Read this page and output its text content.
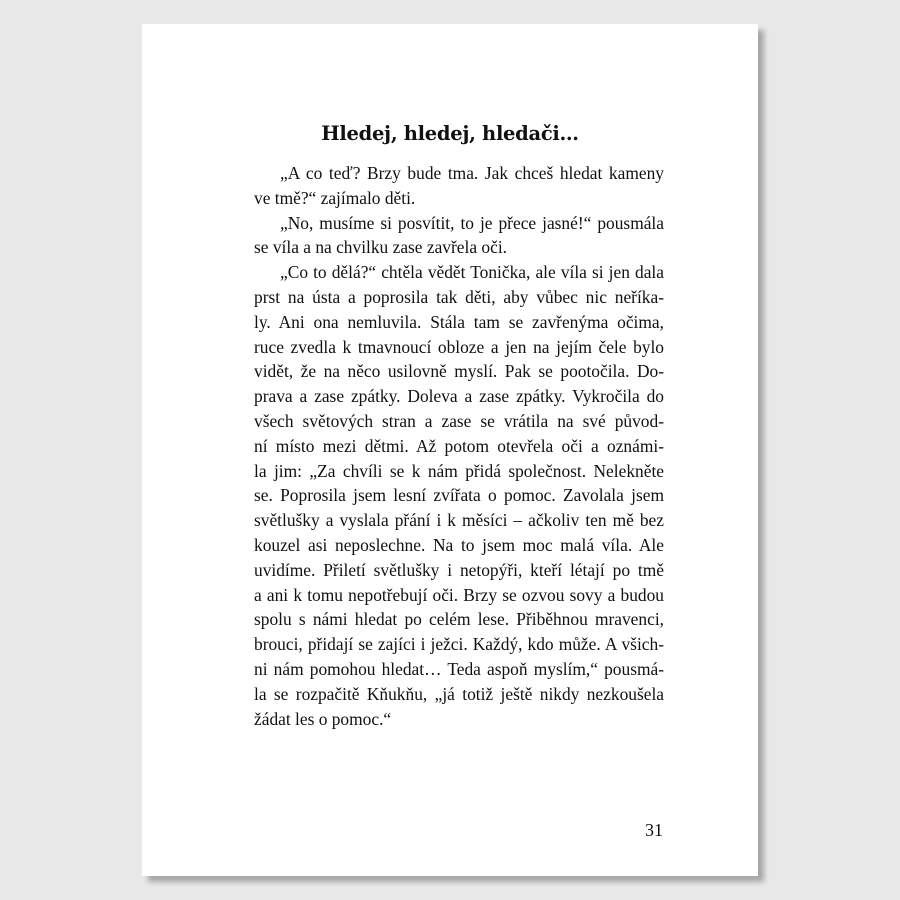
Hledej, hledej, hledači…

„A co teď? Brzy bude tma. Jak chceš hledat kameny
ve tmě?“ zajímalo děti.

„No, musíme si posvítit, to je přece jasné!“ pousmála
se víla a na chvilku zase zavřela oči.

„Co to dělá?“ chtěla vědět Tonička, ale víla si jen dala
prst na ústa a poprosila tak děti, aby vůbec nic neříka-
ly. Ani ona nemluvila. Stála tam se zavřenýma očima,
ruce zvedla k tmavnoucí obloze a jen na jejím čele bylo
vidět, že na něco usilovně myslí. Pak se pootočila. Do-
prava a zase zpátky. Doleva a zase zpátky. Vykročila do
všech světových stran a zase se vrátila na své původ-
ní místo mezi dětmi. Až potom otevřela oči a oznámi-
la jim: „Za chvíli se k nám přidá společnost. Nelekněte
se. Poprosila jsem lesní zvířata o pomoc. Zavolala jsem
světlušky a vyslala přání i k měsíci – ačkoliv ten mě bez
kouzel asi neposlechne. Na to jsem moc malá víla. Ale
uvidíme. Přiletí světlušky i netopýři, kteří létají po tmě
a ani k tomu nepotřebují oči. Brzy se ozvou sovy a budou
spolu s námi hledat po celém lese. Přiběhnou mravenci,
brouci, přidají se zajíci i ježci. Každý, kdo může. A všich-
ni nám pomohou hledat… Teda aspoň myslím,“ pousmá-
la se rozpačitě Kňukňu, „já totiž ještě nikdy nezkoušela
žádat les o pomoc.“

31
